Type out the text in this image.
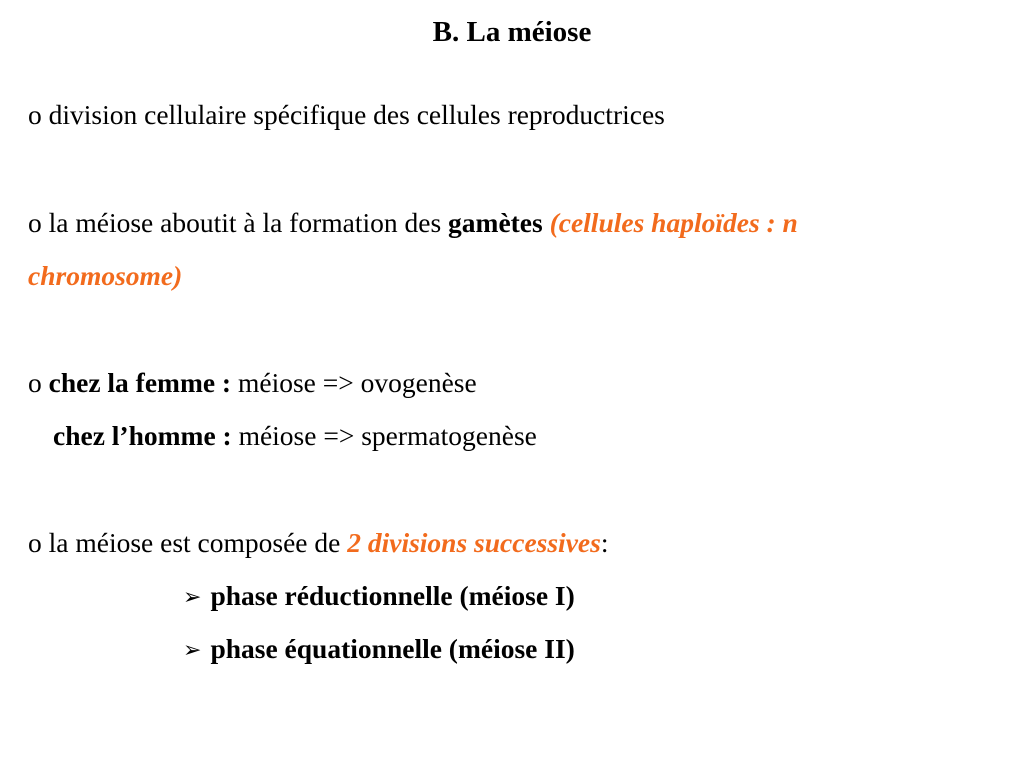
B. La méiose
o division cellulaire spécifique des cellules reproductrices
o la méiose aboutit à la formation des gamètes (cellules haploïdes : n
chromosome)
o chez la femme : méiose => ovogenèse
chez l’homme : méiose => spermatogenèse
o la méiose est composée de 2 divisions successives:
➢ phase réductionnelle (méiose I)
➢ phase équationnelle (méiose II)
